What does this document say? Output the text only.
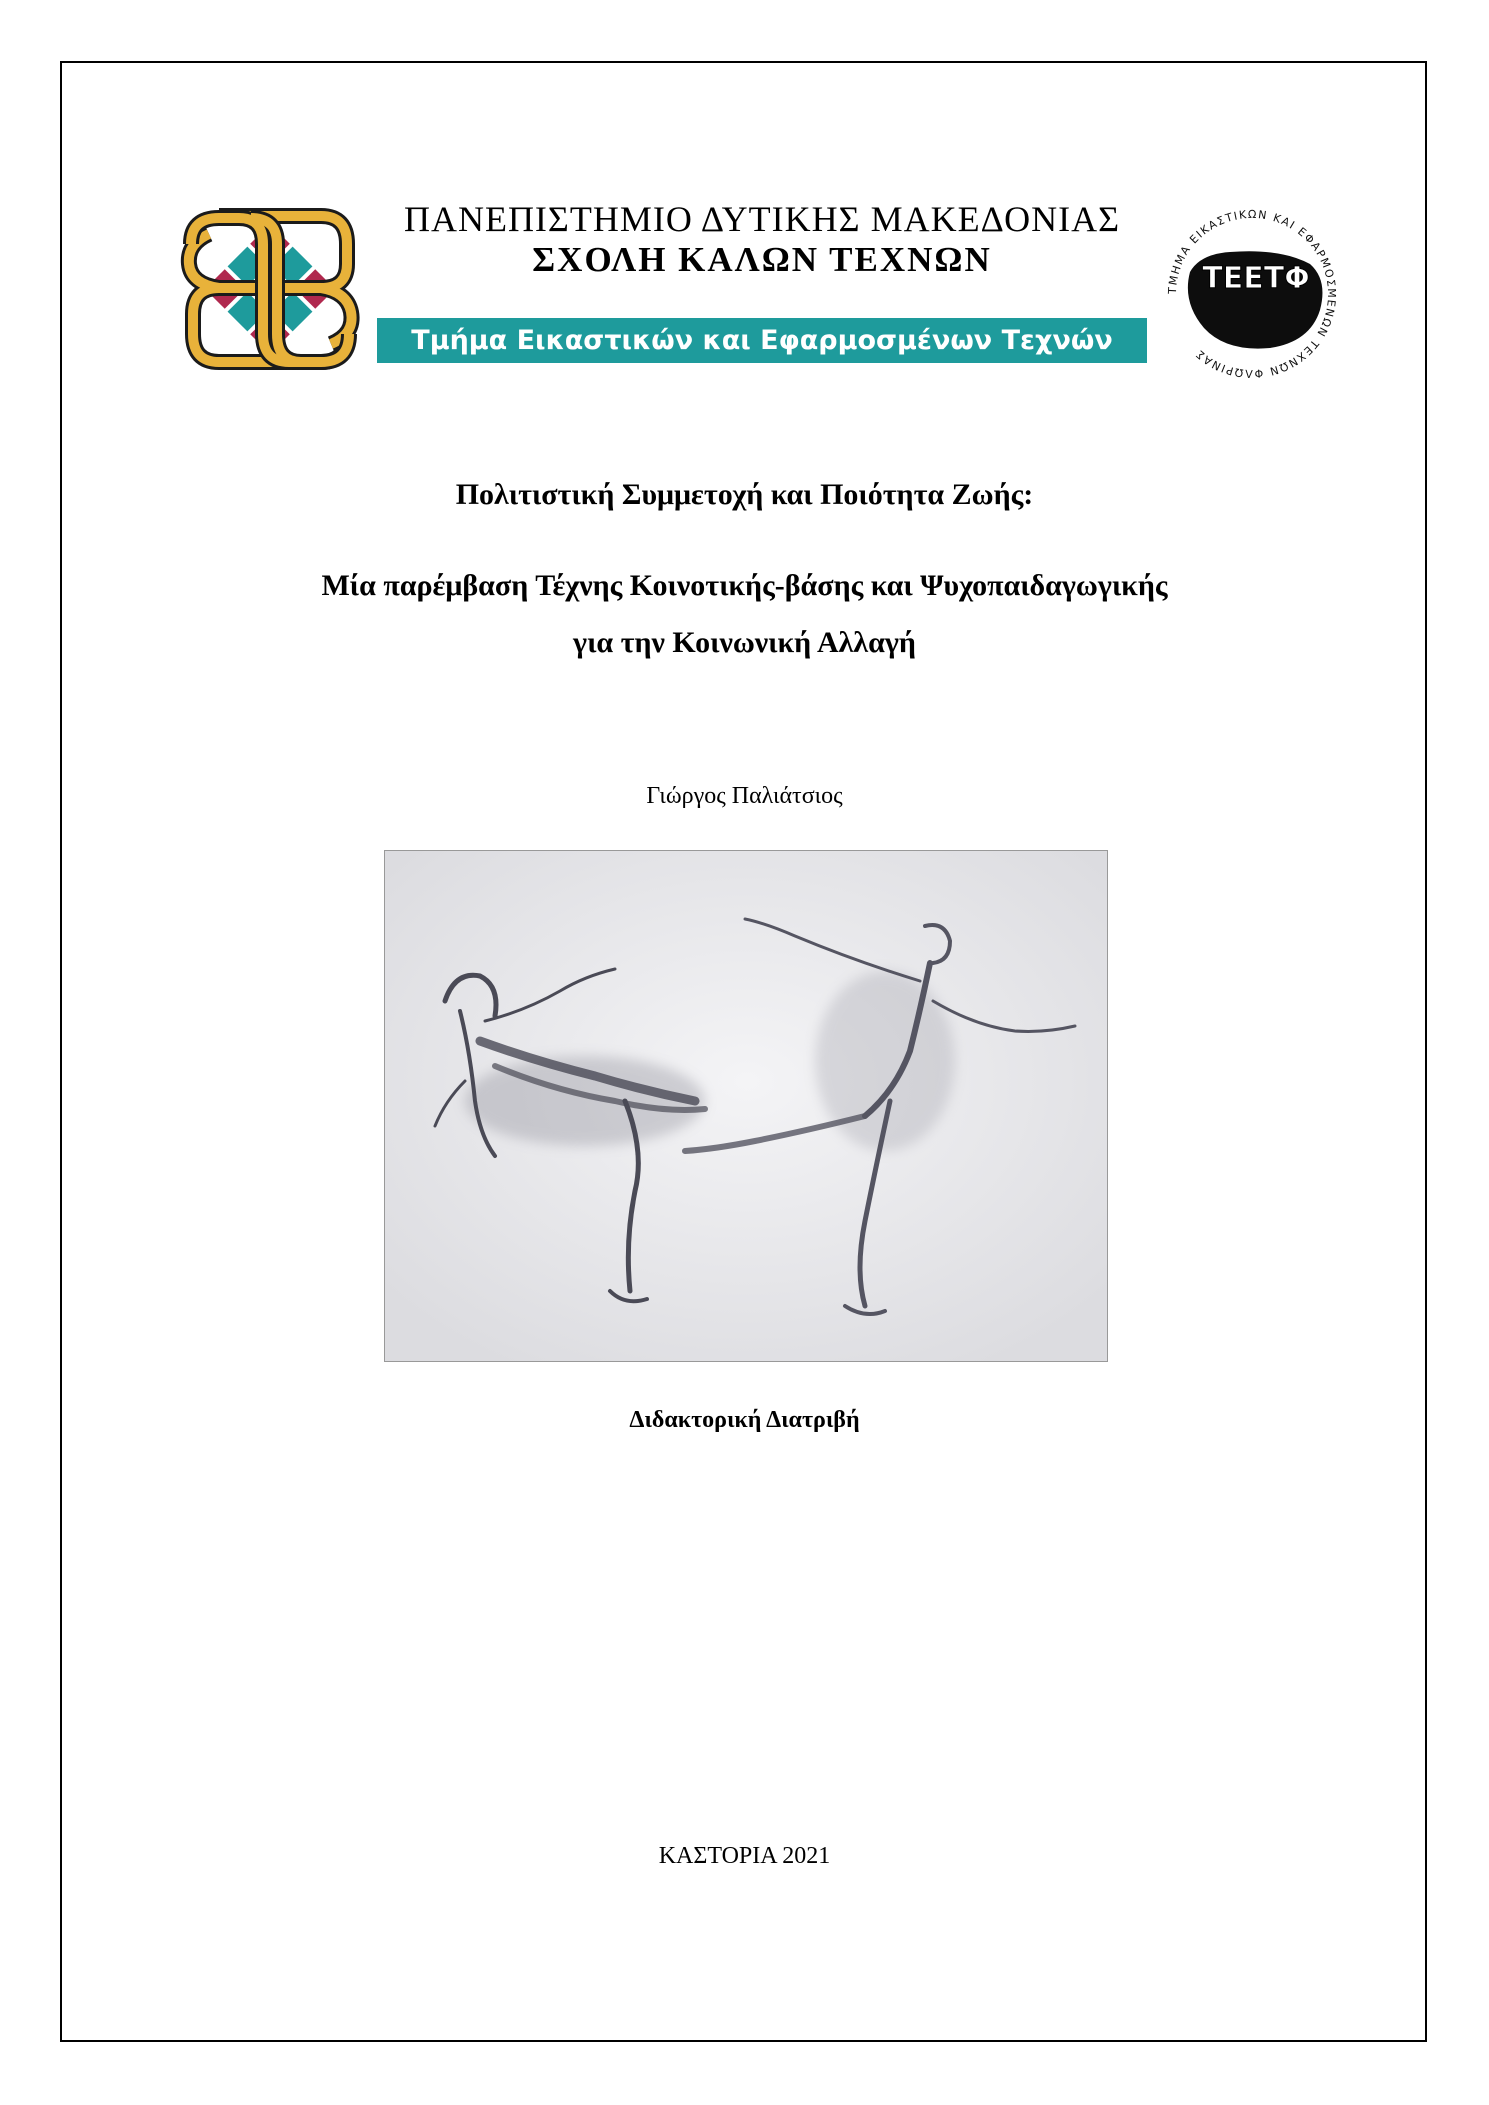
ΠΑΝΕΠΙΣΤΗΜΙΟ ΔΥΤΙΚΗΣ ΜΑΚΕΔΟΝΙΑΣ
ΣΧΟΛΗ ΚΑΛΩΝ ΤΕΧΝΩΝ
Τμήμα Εικαστικών και Εφαρμοσμένων Τεχνών
ΤΜΗΜΑ ΕΙΚΑΣΤΙΚΩΝ ΚΑΙ ΕΦΑΡΜΟΣΜΕΝΩΝ ΤΕΧΝΩΝ ΦΛΩΡΙΝΑΣ
ΤΕΕΤΦ
Πολιτιστική Συμμετοχή και Ποιότητα Ζωής:
Μία παρέμβαση Τέχνης Κοινοτικής-βάσης και Ψυχοπαιδαγωγικής
για την Κοινωνική Αλλαγή
Γιώργος Παλιάτσιος
Διδακτορική Διατριβή
ΚΑΣΤΟΡΙΑ 2021
